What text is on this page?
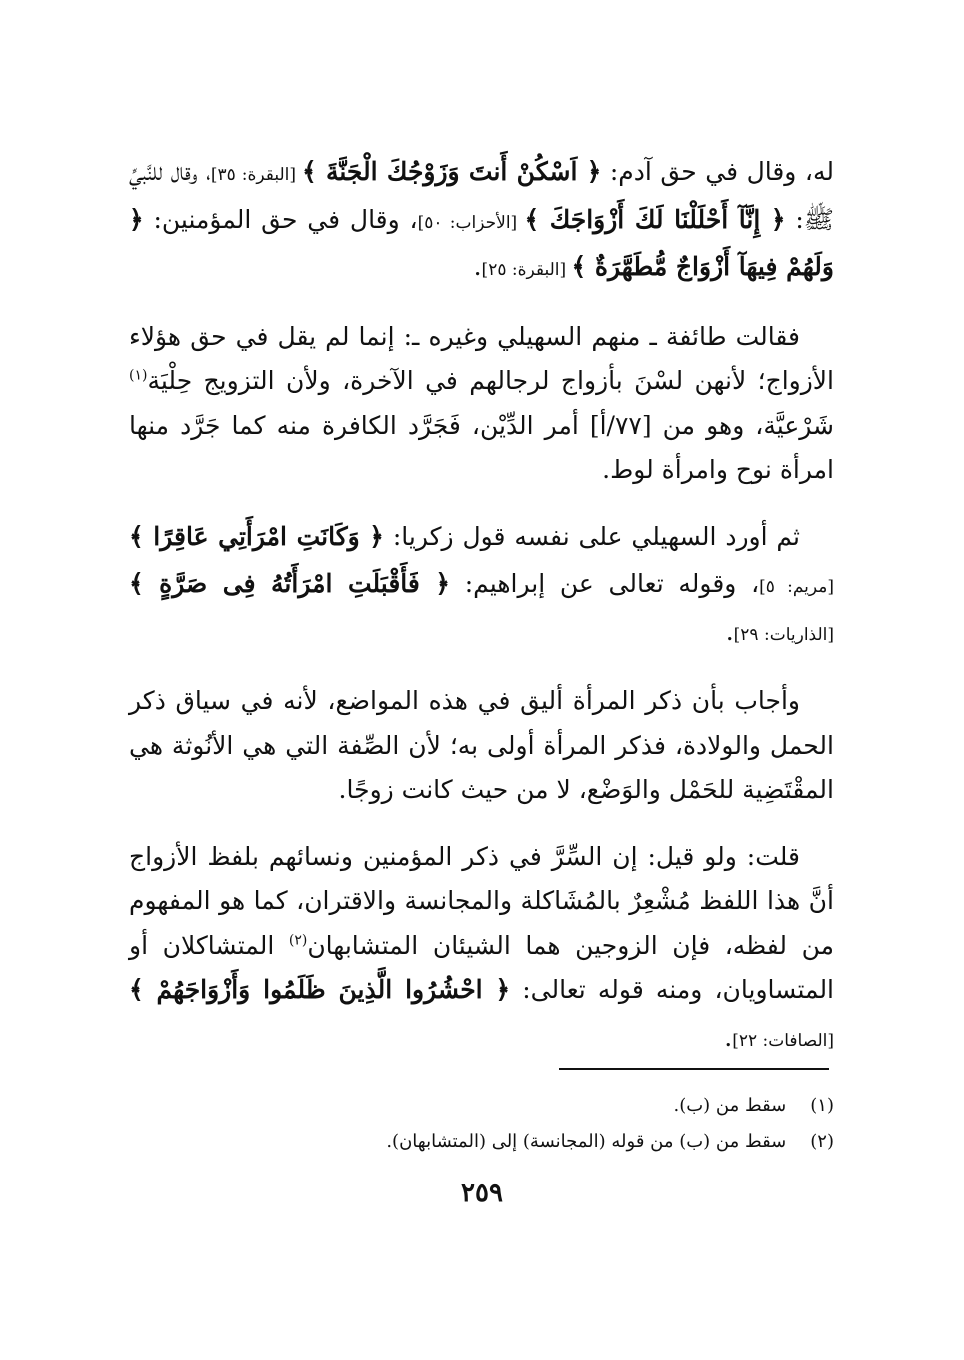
له، وقال في حق آدم: ﴿ اَسْكُنْ أَنتَ وَزَوْجُكَ الْجَنَّةَ ﴾ [البقرة: ٣٥]، وقال للنَّبيِّ ﷺ: ﴿ إِنَّآ أَحْلَلْنَا لَكَ أَزْوَاجَكَ ﴾ [الأحزاب: ٥٠]، وقال في حق المؤمنين: ﴿ وَلَهُمْ فِيهَآ أَزْوَاجٌ مُّطَهَّرَةٌ ﴾ [البقرة: ٢٥].

فقالت طائفة ـ منهم السهيلي وغيره ـ: إنما لم يقل في حق هؤلاء الأزواج؛ لأنهن لسْنَ بأزواج لرجالهم في الآخرة، ولأن التزويج حِلْيَة$^{(١)}$ شَرْعيَّة، وهو من [٧٧/أ] أمر الدِّيْن، فَجَرَّد الكافرة منه كما جَرَّد منها امرأة نوح وامرأة لوط.

ثم أورد السهيلي على نفسه قول زكريا: ﴿ وَكَانَتِ امْرَأَتِي عَاقِرًا ﴾ [مريم: ٥]، وقوله تعالى عن إبراهيم: ﴿ فَأَقْبَلَتِ امْرَأَتُهُ فِى صَرَّةٍ ﴾ [الذاريات: ٢٩].

وأجاب بأن ذكر المرأة أليق في هذه المواضع، لأنه في سياق ذكر الحمل والولادة، فذكر المرأة أولى به؛ لأن الصِّفة التي هي الأنُوثة هي المقْتَضِية للحَمْل والوَضْع، لا من حيث كانت زوجًا.

قلت: ولو قيل: إن السِّرَّ في ذكر المؤمنين ونسائهم بلفظ الأزواج أنَّ هذا اللفظ مُشْعِرٌ بالمُشَاكلة والمجانسة والاقتران، كما هو المفهوم من لفظه، فإن الزوجين هما الشيئان المتشابهان$^{(٢)}$ المتشاكلان أو المتساويان، ومنه قوله تعالى: ﴿ احْشُرُوا الَّذِينَ ظَلَمُوا وَأَزْوَاجَهُمْ ﴾ [الصافات: ٢٢].

(١) سقط من (ب).
(٢) سقط من (ب) من قوله (المجانسة) إلى (المتشابهان).
٢٥٩
